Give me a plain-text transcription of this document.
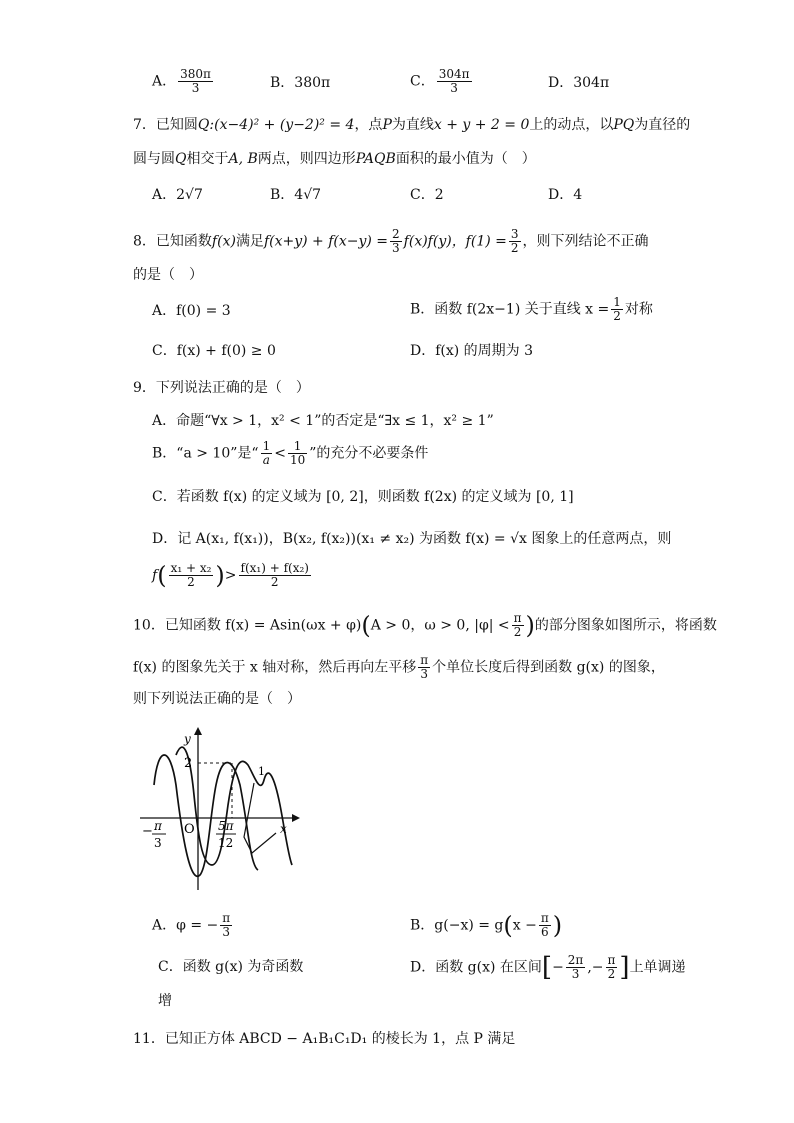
A． $\frac{380\pi}{3}$	B．380π	C． $\frac{304\pi}{3}$	D．304π
7．已知圆Q:(x−4)² + (y−2)² = 4，点P为直线x + y + 2 = 0上的动点，以PQ为直径的
圆与圆Q相交于A, B两点，则四边形PAQB面积的最小值为（　）
A．2√7	B．4√7	C．2	D．4
8．已知函数f(x)满足$f(x+y) + f(x-y) = \frac{2}{3} f(x)f(y)$，$f(1) = \frac{3}{2}$ ，则下列结论不正确
的是（　）
A．f(0) = 3	B．函数 f(2x−1) 关于直线 $x = \frac{1}{2}$ 对称
C．f(x) + f(0) ≥ 0	D．f(x) 的周期为 3
9．下列说法正确的是（　）
A．命题“∀x > 1，x² < 1”的否定是“∃x ≤ 1，x² ≥ 1”
B．“a > 10”是“ $\frac{1}{a} < \frac{1}{10}$ ”的充分不必要条件
C．若函数 f(x) 的定义域为 [0, 2]，则函数 f(2x) 的定义域为 [0, 1]
D．记 A(x₁, f(x₁))，B(x₂, f(x₂))(x₁ ≠ x₂) 为函数 f(x) = √x 图象上的任意两点，则
$f( \frac{\text{x₁ + x₂}}{2}$ )> $\frac{\text{f(x₁) + f(x₂)}}{2}$
10．已知函数 f(x) = Asin(ωx + φ)(A > 0，ω > 0, $|\varphi| < \frac{\pi}{2}$ )的部分图象如图所示，将函数
f(x) 的图象先关于 x 轴对称，然后再向左平移 $\frac{\pi}{3}$ 个单位长度后得到函数 g(x) 的图象，
则下列说法正确的是（　）
y
2
O	x
1
− π
3
5π
12
A．φ = − $\frac{\pi}{3}$	B．$g(-x) = g(x - \frac{\pi}{6}$ )
C．函数 g(x) 为奇函数	D．函数 g(x) 在区间[− $\frac{2\pi}{3}$ ,− $\frac{\pi}{2}$ ]上单调递
增
11．已知正方体 ABCD − A₁B₁C₁D₁ 的棱长为 1，点 P 满足
